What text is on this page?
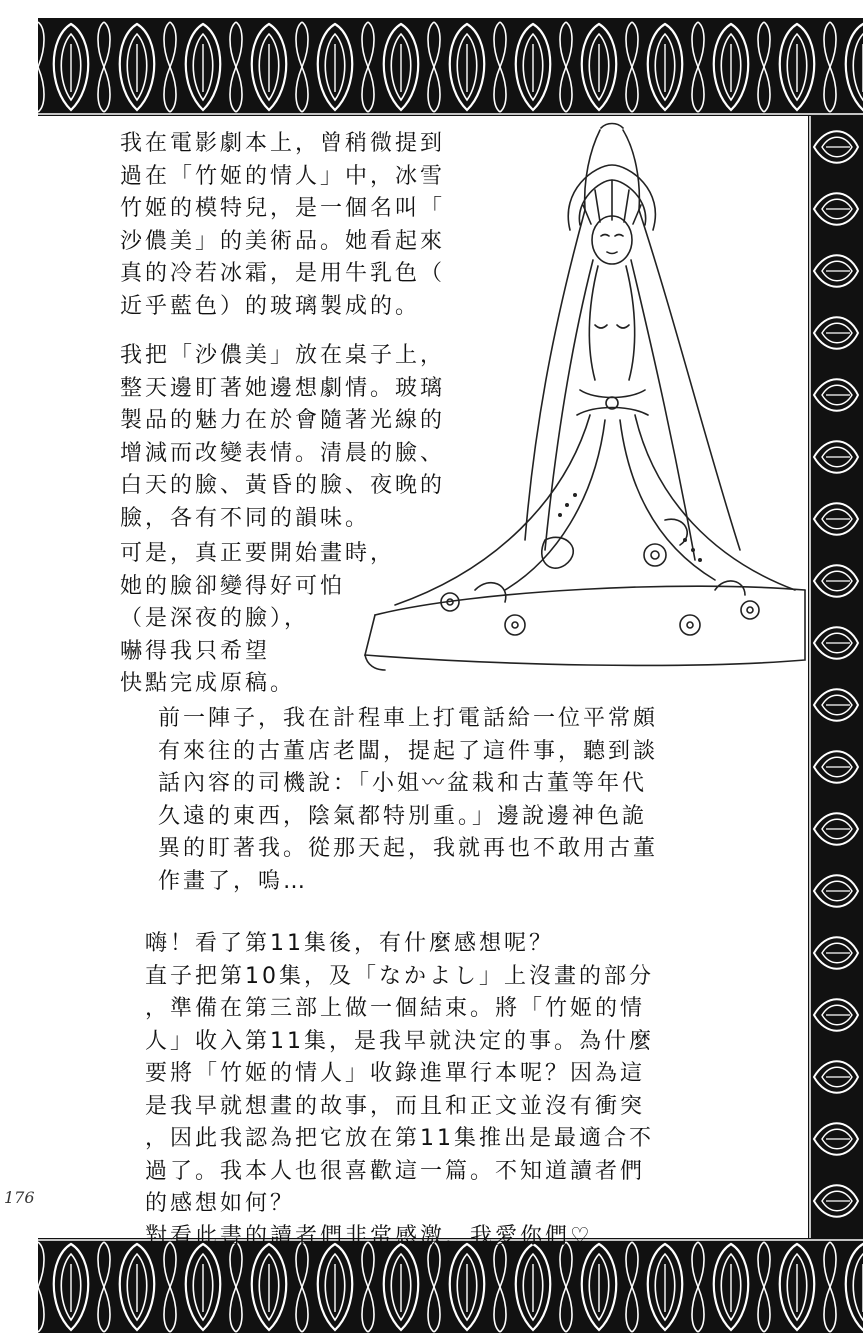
我在電影劇本上，曾稍微提到
過在「竹姬的情人」中，冰雪
竹姬的模特兒，是一個名叫「
沙儂美」的美術品。她看起來
真的冷若冰霜，是用牛乳色（
近乎藍色）的玻璃製成的。
我把「沙儂美」放在桌子上，
整天邊盯著她邊想劇情。玻璃
製品的魅力在於會隨著光線的
增減而改變表情。清晨的臉、
白天的臉、黃昏的臉、夜晚的
臉，各有不同的韻味。
可是，真正要開始畫時，
她的臉卻變得好可怕
（是深夜的臉），
嚇得我只希望
快點完成原稿。
前一陣子，我在計程車上打電話給一位平常頗
有來往的古董店老闆，提起了這件事，聽到談
話內容的司機說：「小姐〰盆栽和古董等年代
久遠的東西，陰氣都特別重。」邊說邊神色詭
異的盯著我。從那天起，我就再也不敢用古董
作畫了，嗚…
嗨！看了第11集後，有什麼感想呢？
直子把第10集，及「なかよし」上沒畫的部分
，準備在第三部上做一個結束。將「竹姬的情
人」收入第11集，是我早就決定的事。為什麼
要將「竹姬的情人」收錄進單行本呢？因為這
是我早就想畫的故事，而且和正文並沒有衝突
，因此我認為把它放在第11集推出是最適合不
過了。我本人也很喜歡這一篇。不知道讀者們
的感想如何？
對看此書的讀者們非常感激，我愛你們♡
176
